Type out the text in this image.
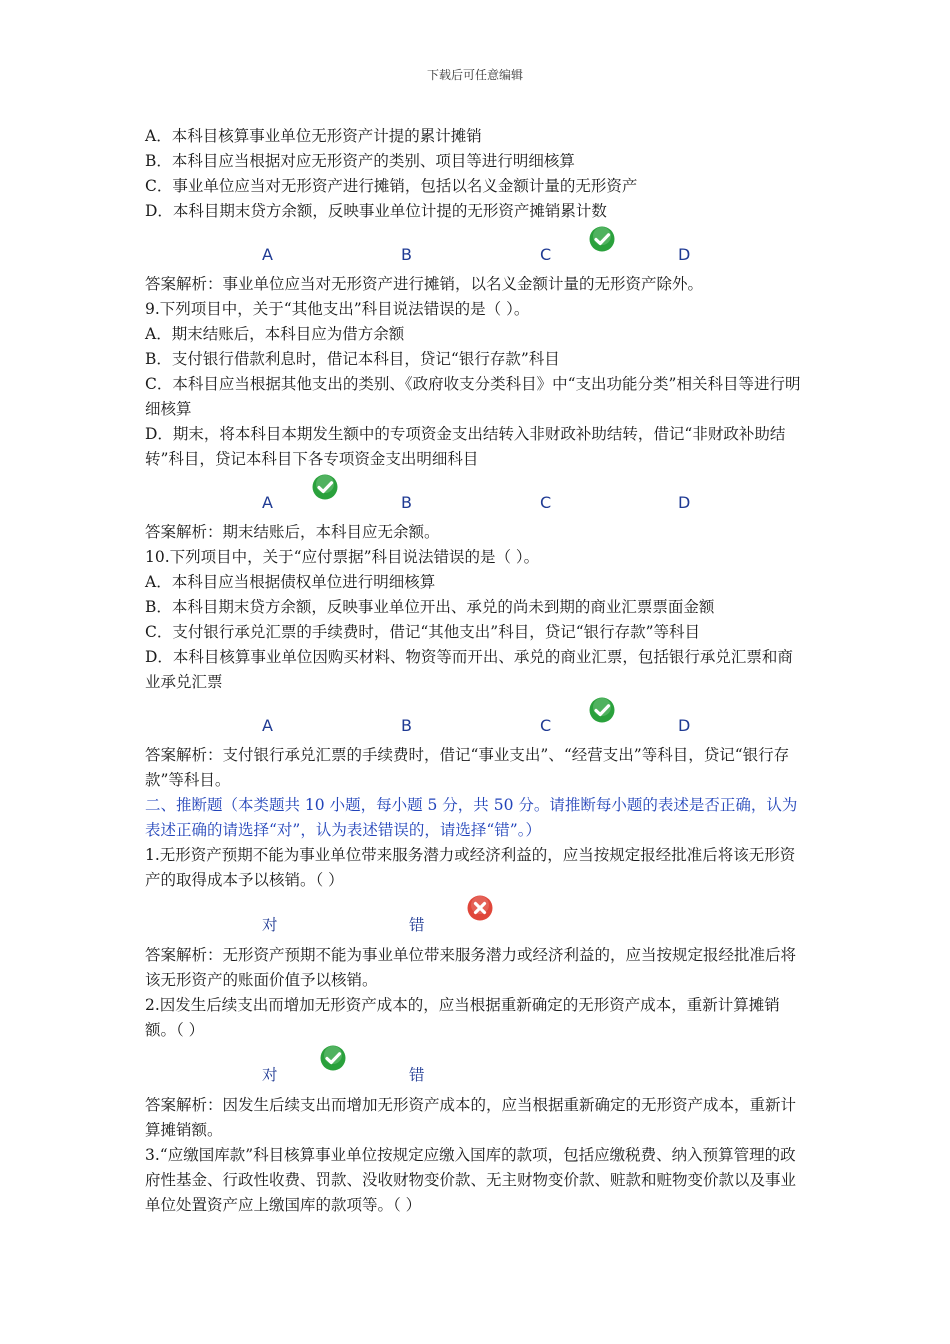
下载后可任意编辑
A．本科目核算事业单位无形资产计提的累计摊销
B．本科目应当根据对应无形资产的类别、项目等进行明细核算
C．事业单位应当对无形资产进行摊销，包括以名义金额计量的无形资产
D．本科目期末贷方余额，反映事业单位计提的无形资产摊销累计数
A	B	C	D
答案解析：事业单位应当对无形资产进行摊销，以名义金额计量的无形资产除外。
9.下列项目中，关于“其他支出”科目说法错误的是（ ）。
A．期末结账后，本科目应为借方余额
B．支付银行借款利息时，借记本科目，贷记“银行存款”科目
C．本科目应当根据其他支出的类别、《政府收支分类科目》中“支出功能分类”相关科目等进行明细核算
D．期末，将本科目本期发生额中的专项资金支出结转入非财政补助结转，借记“非财政补助结转”科目，贷记本科目下各专项资金支出明细科目
A	B	C	D
答案解析：期末结账后，本科目应无余额。
10.下列项目中，关于“应付票据”科目说法错误的是（ ）。
A．本科目应当根据债权单位进行明细核算
B．本科目期末贷方余额，反映事业单位开出、承兑的尚未到期的商业汇票票面金额
C．支付银行承兑汇票的手续费时，借记“其他支出”科目，贷记“银行存款”等科目
D．本科目核算事业单位因购买材料、物资等而开出、承兑的商业汇票，包括银行承兑汇票和商业承兑汇票
A	B	C	D
答案解析：支付银行承兑汇票的手续费时，借记“事业支出”、“经营支出”等科目，贷记“银行存款”等科目。
二、推断题（本类题共 10 小题，每小题 5 分，共 50 分。请推断每小题的表述是否正确，认为表述正确的请选择“对”，认为表述错误的，请选择“错”。）
1.无形资产预期不能为事业单位带来服务潜力或经济利益的，应当按规定报经批准后将该无形资产的取得成本予以核销。（ ）
对	错
答案解析：无形资产预期不能为事业单位带来服务潜力或经济利益的，应当按规定报经批准后将该无形资产的账面价值予以核销。
2.因发生后续支出而增加无形资产成本的，应当根据重新确定的无形资产成本，重新计算摊销额。（ ）
对	错
答案解析：因发生后续支出而增加无形资产成本的，应当根据重新确定的无形资产成本，重新计算摊销额。
3.“应缴国库款”科目核算事业单位按规定应缴入国库的款项，包括应缴税费、纳入预算管理的政府性基金、行政性收费、罚款、没收财物变价款、无主财物变价款、赃款和赃物变价款以及事业单位处置资产应上缴国库的款项等。（ ）
